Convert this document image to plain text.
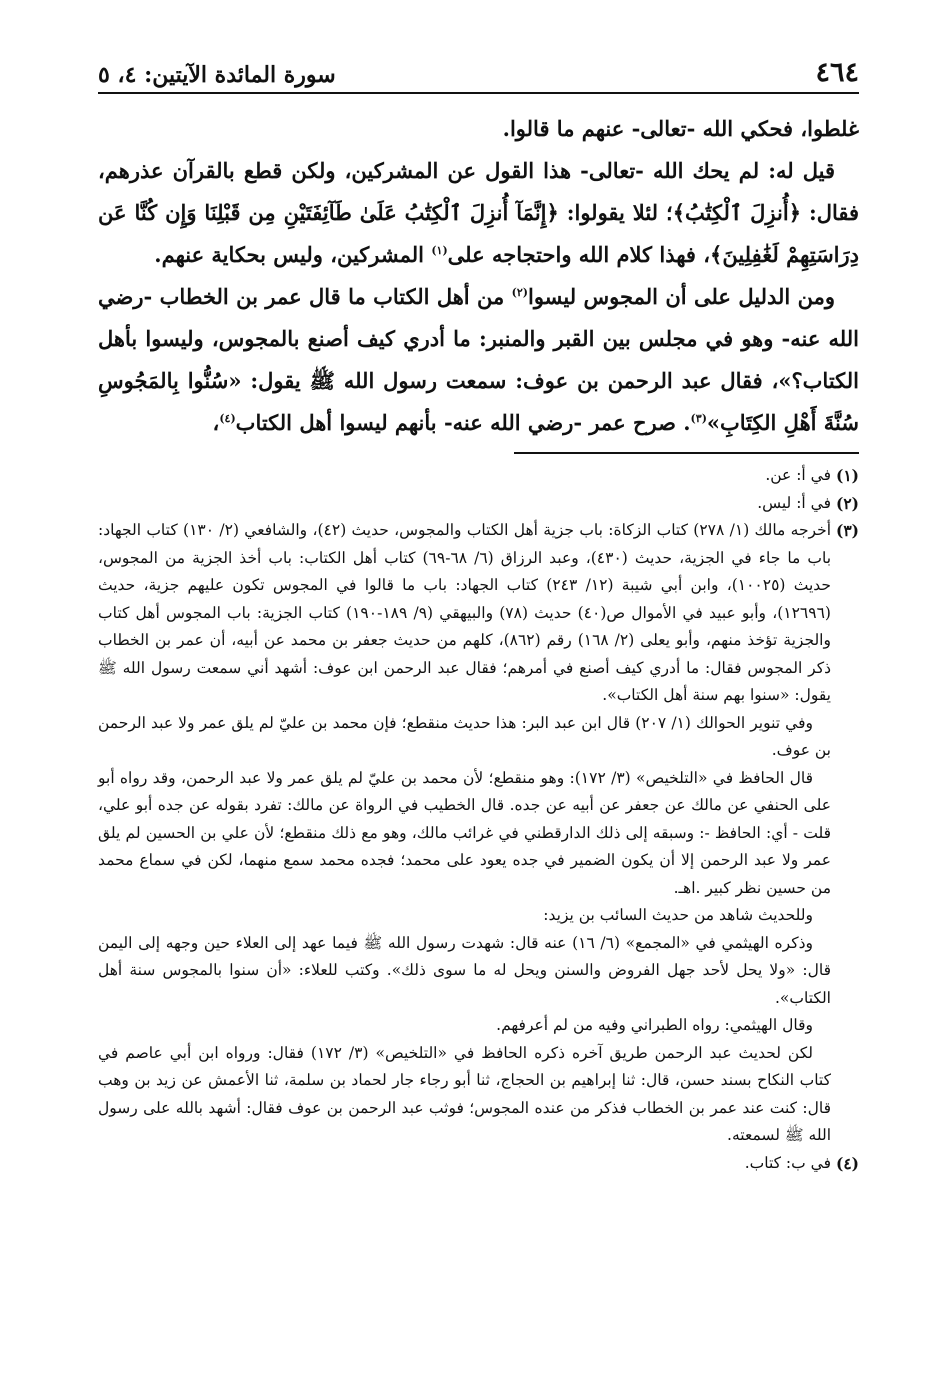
٤٦٤
سورة المائدة الآيتين: ٤، ٥

غلطوا، فحكي الله -تعالى- عنهم ما قالوا.

قيل له: لم يحك الله -تعالى- هذا القول عن المشركين، ولكن قطع بالقرآن عذرهم، فقال: ﴿أُنزِلَ ٱلْكِتَٰبُ﴾؛ لئلا يقولوا: ﴿إِنَّمَآ أُنزِلَ ٱلْكِتَٰبُ عَلَىٰ طَآئِفَتَيْنِ مِن قَبْلِنَا وَإِن كُنَّا عَن دِرَاسَتِهِمْ لَغَٰفِلِينَ﴾، فهذا كلام الله واحتجاجه على$^{(١)}$ المشركين، وليس بحكاية عنهم.

ومن الدليل على أن المجوس ليسوا$^{(٢)}$ من أهل الكتاب ما قال عمر بن الخطاب -رضي الله عنه- وهو في مجلس بين القبر والمنبر: ما أدري كيف أصنع بالمجوس، وليسوا بأهل الكتاب؟»، فقال عبد الرحمن بن عوف: سمعت رسول الله ﷺ يقول: «سُنُّوا بِالمَجُوسِ سُنَّةَ أَهْلِ الكِتَابِ»$^{(٣)}$. صرح عمر -رضي الله عنه- بأنهم ليسوا أهل الكتاب$^{(٤)}$،

(١)
في أ: عن.
(٢)
في أ: ليس.
(٣)
أخرجه مالك (١/ ٢٧٨) كتاب الزكاة: باب جزية أهل الكتاب والمجوس، حديث (٤٢)، والشافعي (٢/ ١٣٠) كتاب الجهاد: باب ما جاء في الجزية، حديث (٤٣٠)، وعبد الرزاق (٦/ ٦٨-٦٩) كتاب أهل الكتاب: باب أخذ الجزية من المجوس، حديث (١٠٠٢٥)، وابن أبي شيبة (١٢/ ٢٤٣) كتاب الجهاد: باب ما قالوا في المجوس تكون عليهم جزية، حديث (١٢٦٩٦)، وأبو عبيد في الأموال ص(٤٠) حديث (٧٨) والبيهقي (٩/ ١٨٩-١٩٠) كتاب الجزية: باب المجوس أهل كتاب والجزية تؤخذ منهم، وأبو يعلى (٢/ ١٦٨) رقم (٨٦٢)، كلهم من حديث جعفر بن محمد عن أبيه، أن عمر بن الخطاب ذكر المجوس فقال: ما أدري كيف أصنع في أمرهم؛ فقال عبد الرحمن ابن عوف: أشهد أني سمعت رسول الله ﷺ يقول: «سنوا بهم سنة أهل الكتاب».

وفي تنوير الحوالك (١/ ٢٠٧) قال ابن عبد البر: هذا حديث منقطع؛ فإن محمد بن عليّ لم يلق عمر ولا عبد الرحمن بن عوف.

قال الحافظ في «التلخيص» (٣/ ١٧٢): وهو منقطع؛ لأن محمد بن عليّ لم يلق عمر ولا عبد الرحمن، وقد رواه أبو على الحنفي عن مالك عن جعفر عن أبيه عن جده. قال الخطيب في الرواة عن مالك: تفرد بقوله عن جده أبو علي، قلت - أي: الحافظ -: وسبقه إلى ذلك الدارقطني في غرائب مالك، وهو مع ذلك منقطع؛ لأن علي بن الحسين لم يلق عمر ولا عبد الرحمن إلا أن يكون الضمير في جده يعود على محمد؛ فجده محمد سمع منهما، لكن في سماع محمد من حسين نظر كبير .اهـ.

وللحديث شاهد من حديث السائب بن يزيد:

وذكره الهيثمي في «المجمع» (٦/ ١٦) عنه قال: شهدت رسول الله ﷺ فيما عهد إلى العلاء حين وجهه إلى اليمن قال: «ولا يحل لأحد جهل الفروض والسنن ويحل له ما سوى ذلك». وكتب للعلاء: «أن سنوا بالمجوس سنة أهل الكتاب».

وقال الهيثمي: رواه الطبراني وفيه من لم أعرفهم.

لكن لحديث عبد الرحمن طريق آخره ذكره الحافظ في «التلخيص» (٣/ ١٧٢) فقال: ورواه ابن أبي عاصم في كتاب النكاح بسند حسن، قال: ثنا إبراهيم بن الحجاج، ثنا أبو رجاء جار لحماد بن سلمة، ثنا الأعمش عن زيد بن وهب قال: كنت عند عمر بن الخطاب فذكر من عنده المجوس؛ فوثب عبد الرحمن بن عوف فقال: أشهد بالله على رسول الله ﷺ لسمعته.

(٤)
في ب: كتاب.
